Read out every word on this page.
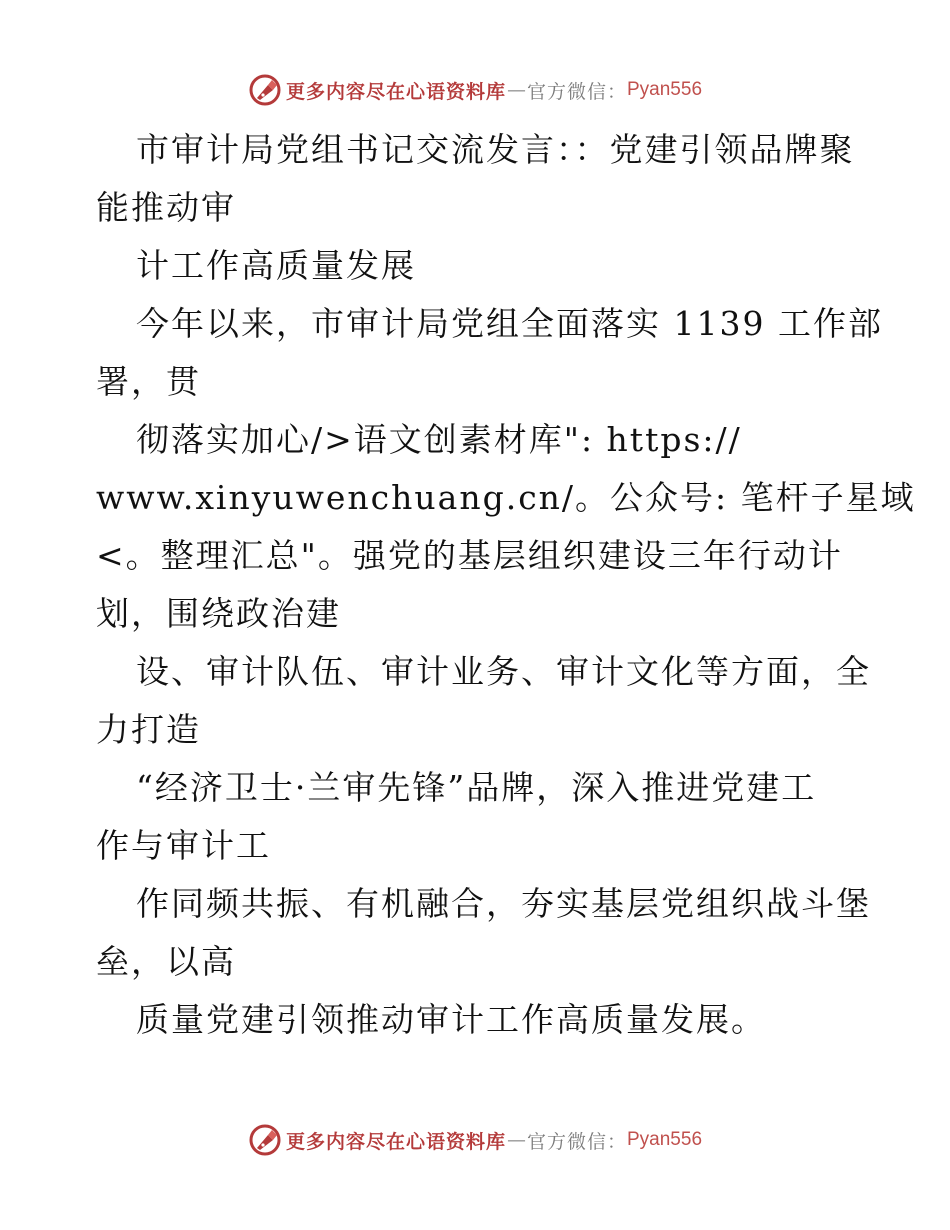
更多内容尽在心语资料库 — 官方微信： Pyan556
市审计局党组书记交流发言：：党建引领品牌聚
能推动审
计工作高质量发展
今年以来，市审计局党组全面落实 1139 工作部
署，贯
彻落实加心/>语文创素材库": https://
www.xinyuwenchuang.cn/。公众号: 笔杆子星域
<。整理汇总"。强党的基层组织建设三年行动计
划，围绕政治建
设、审计队伍、审计业务、审计文化等方面，全
力打造
“经济卫士·兰审先锋”品牌，深入推进党建工
作与审计工
作同频共振、有机融合，夯实基层党组织战斗堡
垒，以高
质量党建引领推动审计工作高质量发展。
更多内容尽在心语资料库 — 官方微信： Pyan556
